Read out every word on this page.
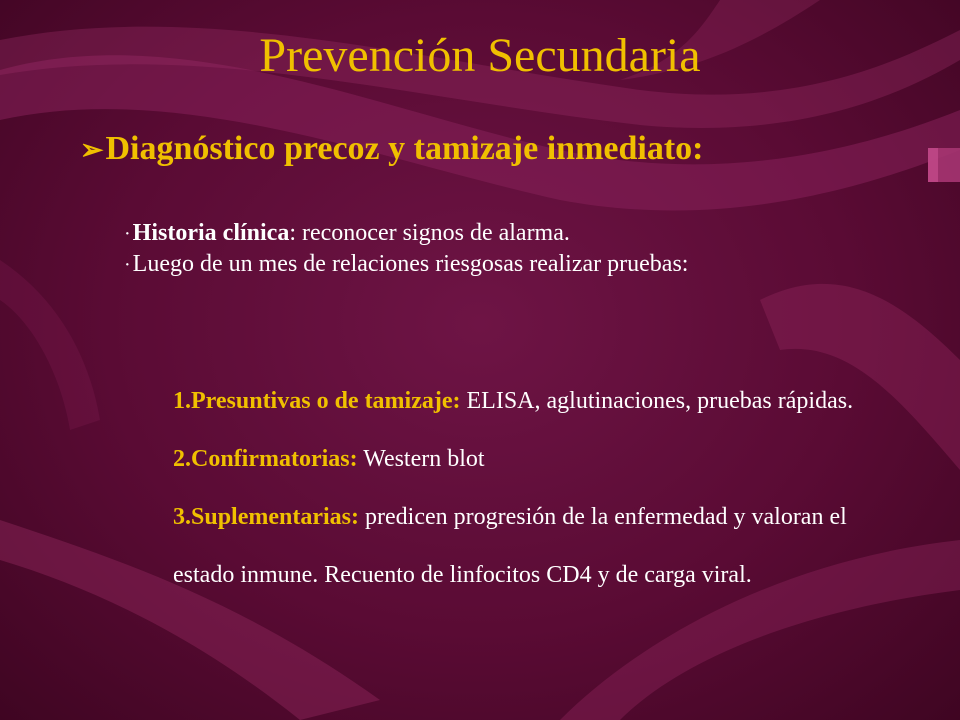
Prevención Secundaria
➢Diagnóstico precoz y tamizaje inmediato:
·Historia clínica: reconocer signos de alarma.
·Luego de un mes de relaciones riesgosas realizar pruebas:
1.Presuntivas o de tamizaje: ELISA, aglutinaciones, pruebas rápidas.
2.Confirmatorias: Western blot
3.Suplementarias: predicen progresión de la enfermedad y valoran el estado inmune. Recuento de linfocitos CD4 y de carga viral.
